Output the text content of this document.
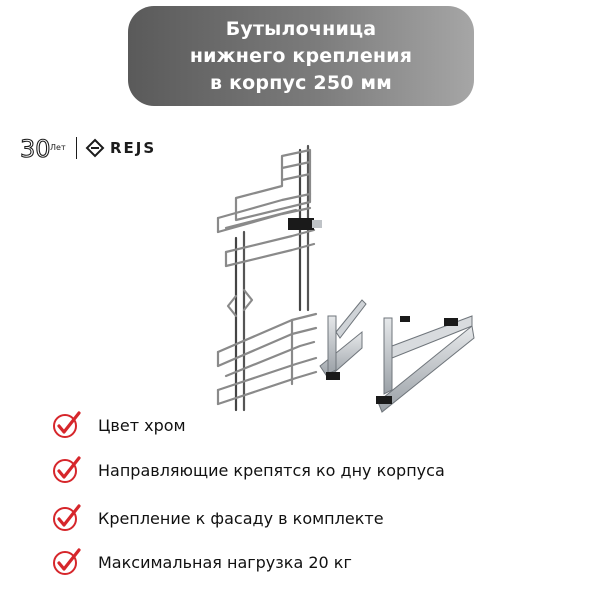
Бутылочница
нижнего крепления
в корпус 250 мм
30 Лет	REJS
Цвет хром
Направляющие крепятся ко дну корпуса
Крепление к фасаду в комплекте
Максимальная нагрузка 20 кг
